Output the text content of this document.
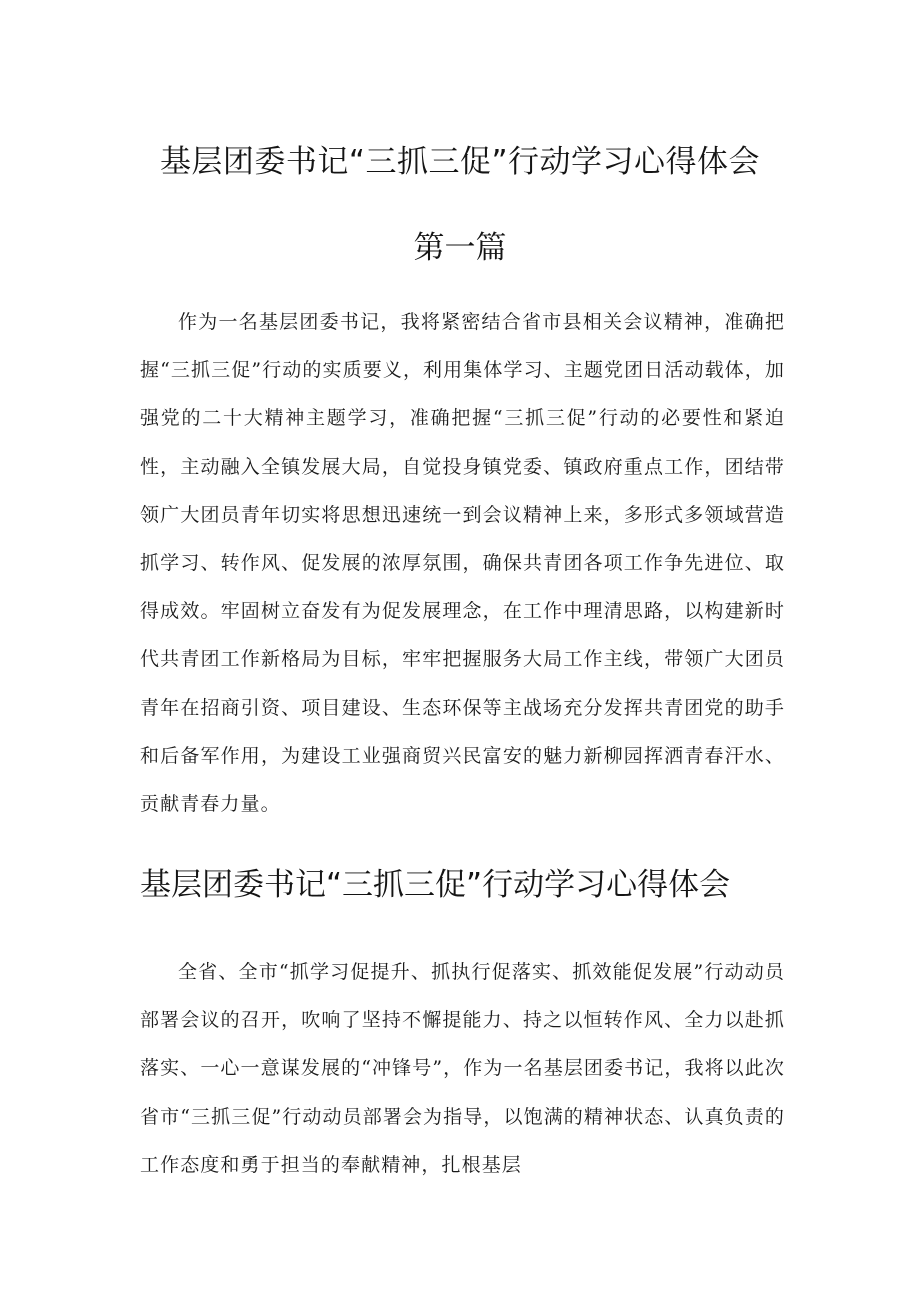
基层团委书记“三抓三促”行动学习心得体会
第一篇

作为一名基层团委书记，我将紧密结合省市县相关会议精神，准确把握“三抓三促”行动的实质要义，利用集体学习、主题党团日活动载体，加强党的二十大精神主题学习，准确把握“三抓三促”行动的必要性和紧迫性，主动融入全镇发展大局，自觉投身镇党委、镇政府重点工作，团结带领广大团员青年切实将思想迅速统一到会议精神上来，多形式多领域营造抓学习、转作风、促发展的浓厚氛围，确保共青团各项工作争先进位、取得成效。牢固树立奋发有为促发展理念，在工作中理清思路，以构建新时代共青团工作新格局为目标，牢牢把握服务大局工作主线，带领广大团员青年在招商引资、项目建设、生态环保等主战场充分发挥共青团党的助手和后备军作用，为建设工业强商贸兴民富安的魅力新柳园挥洒青春汗水、贡献青春力量。

基层团委书记“三抓三促”行动学习心得体会

全省、全市“抓学习促提升、抓执行促落实、抓效能促发展”行动动员部署会议的召开，吹响了坚持不懈提能力、持之以恒转作风、全力以赴抓落实、一心一意谋发展的“冲锋号”，作为一名基层团委书记，我将以此次省市“三抓三促”行动动员部署会为指导，以饱满的精神状态、认真负责的工作态度和勇于担当的奉献精神，扎根基层
